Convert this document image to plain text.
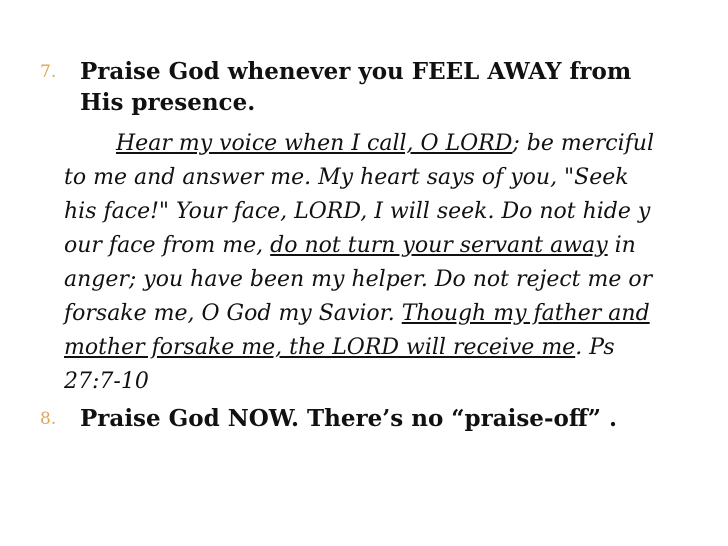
7. Praise God whenever you FEEL AWAY from
His presence.
Hear my voice when I call, O LORD; be merciful
to me and answer me. My heart says of you, "Seek
his face!" Your face, LORD, I will seek. Do not hide y
our face from me, do not turn your servant away in
anger; you have been my helper. Do not reject me or
forsake me, O God my Savior. Though my father and
mother forsake me, the LORD will receive me. Ps
27:7-10
8. Praise God NOW. There’s no “praise-off” .
